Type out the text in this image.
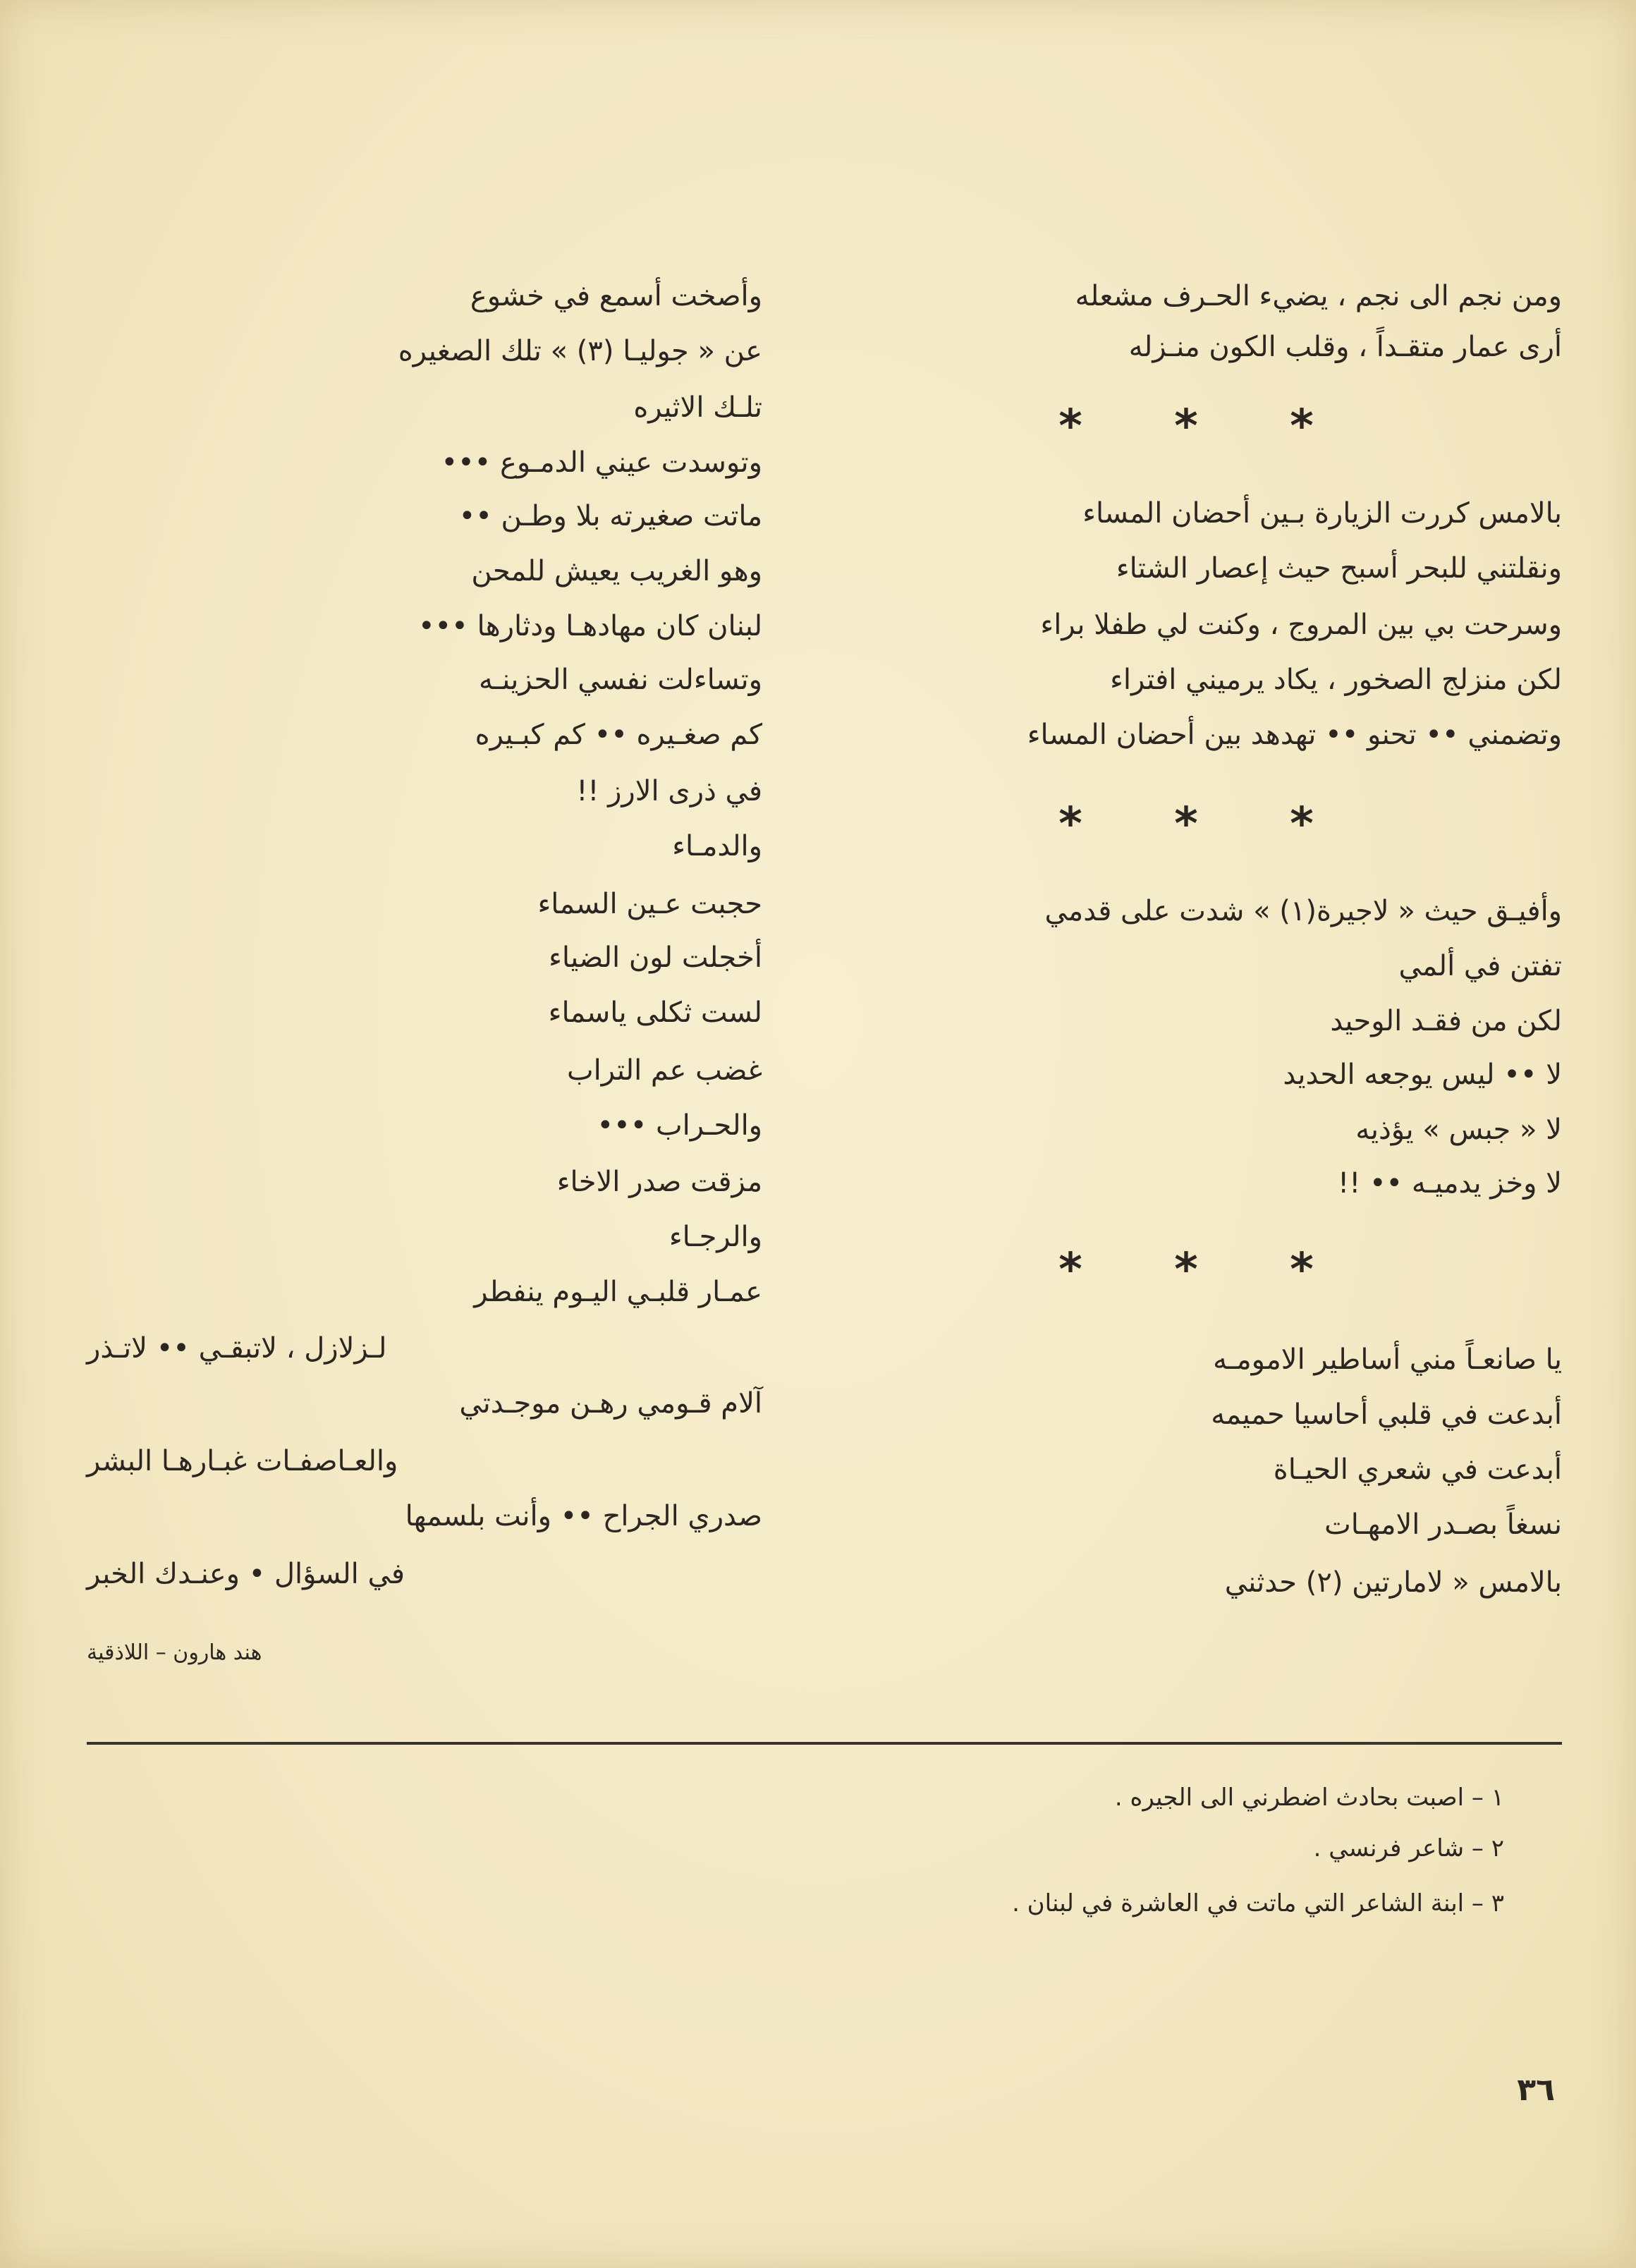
ومن نجم الى نجم ، يضيء الحـرف مشعله
أرى عمار متقـداً ، وقلب الكون منـزله
بالامس كررت الزيارة بـين أحضان المساء
ونقلتني للبحر أسبح حيث إعصار الشتاء
وسرحت بي بين المروج ، وكنت لي طفلا براء
لكن منزلج الصخور ، يكاد يرميني افتراء
وتضمني •• تحنو •• تهدهد بين أحضان المساء
وأفيـق حيث « لاجيرة(١) » شدت على قدمي
تفتن في ألمي
لكن من فقـد الوحيد
لا •• ليس يوجعه الحديد
لا « جبس » يؤذيه
لا وخز يدميـه •• !!
يا صانعـاً مني أساطير الامومـه
أبدعت في قلبي أحاسيا حميمه
أبدعت في شعري الحيـاة
نسغاً بصـدر الامهـات
بالامس « لامارتين (٢) حدثني
* * *
* * *
* * *
وأصخت أسمع في خشوع
عن « جوليـا (٣) » تلك الصغيره
تلـك الاثيره
وتوسدت عيني الدمـوع •••
ماتت صغيرته بلا وطـن ••
وهو الغريب يعيش للمحن
لبنان كان مهادهـا ودثارها •••
وتساءلت نفسي الحزينـه
كم صغـيره •• كم كبـيره
في ذرى الارز !!
والدمـاء
حجبت عـين السماء
أخجلت لون الضياء
لست ثكلى ياسماء
غضب عم التراب
والحـراب •••
مزقت صدر الاخاء
والرجـاء
عمـار قلبـي اليـوم ينفطر
لـزلازل ، لاتبقـي •• لاتـذر
آلام قـومي رهـن موجـدتي
والعـاصفـات غبـارهـا البشر
صدري الجراح •• وأنت بلسمها
في السؤال • وعنـدك الخبر
هند هارون – اللاذقية
١ – اصبت بحادث اضطرني الى الجيره .
٢ – شاعر فرنسي .
٣ – ابنة الشاعر التي ماتت في العاشرة في لبنان .
٣٦
